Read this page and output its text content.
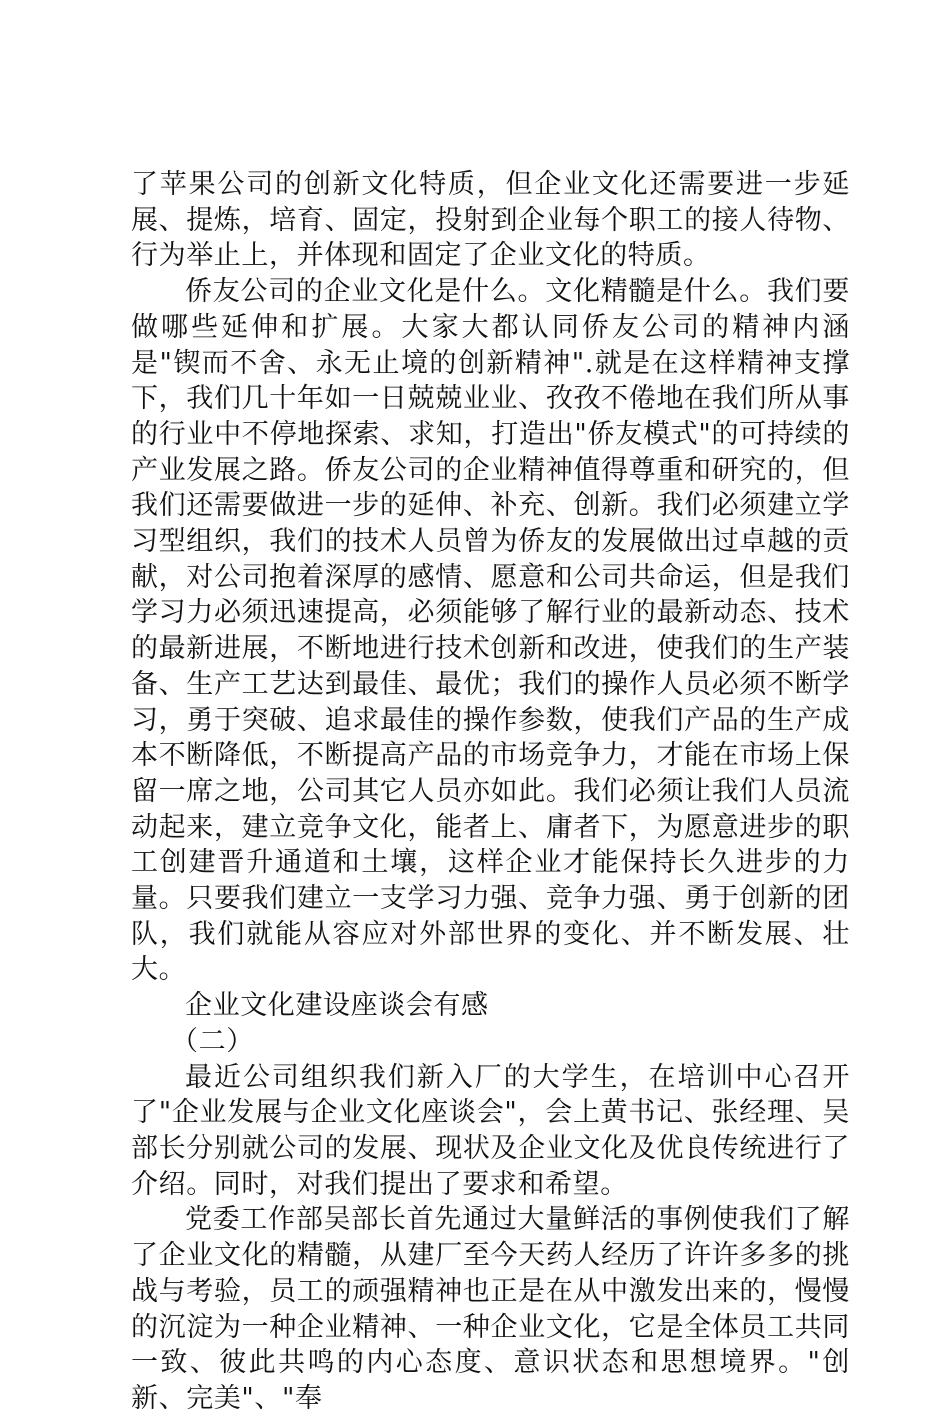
了苹果公司的创新文化特质，但企业文化还需要进一步延展、提炼，培育、固定，投射到企业每个职工的接人待物、行为举止上，并体现和固定了企业文化的特质。

侨友公司的企业文化是什么。文化精髓是什么。我们要做哪些延伸和扩展。大家大都认同侨友公司的精神内涵是"锲而不舍、永无止境的创新精神".就是在这样精神支撑下，我们几十年如一日兢兢业业、孜孜不倦地在我们所从事的行业中不停地探索、求知，打造出"侨友模式"的可持续的产业发展之路。侨友公司的企业精神值得尊重和研究的，但我们还需要做进一步的延伸、补充、创新。我们必须建立学习型组织，我们的技术人员曾为侨友的发展做出过卓越的贡献，对公司抱着深厚的感情、愿意和公司共命运，但是我们学习力必须迅速提高，必须能够了解行业的最新动态、技术的最新进展，不断地进行技术创新和改进，使我们的生产装备、生产工艺达到最佳、最优；我们的操作人员必须不断学习，勇于突破、追求最佳的操作参数，使我们产品的生产成本不断降低，不断提高产品的市场竞争力，才能在市场上保留一席之地，公司其它人员亦如此。我们必须让我们人员流动起来，建立竞争文化，能者上、庸者下，为愿意进步的职工创建晋升通道和土壤，这样企业才能保持长久进步的力量。只要我们建立一支学习力强、竞争力强、勇于创新的团队，我们就能从容应对外部世界的变化、并不断发展、壮大。

企业文化建设座谈会有感

（二）

最近公司组织我们新入厂的大学生，在培训中心召开了"企业发展与企业文化座谈会"，会上黄书记、张经理、吴部长分别就公司的发展、现状及企业文化及优良传统进行了介绍。同时，对我们提出了要求和希望。

党委工作部吴部长首先通过大量鲜活的事例使我们了解了企业文化的精髓，从建厂至今天药人经历了许许多多的挑战与考验，员工的顽强精神也正是在从中激发出来的，慢慢的沉淀为一种企业精神、一种企业文化，它是全体员工共同一致、彼此共鸣的内心态度、意识状态和思想境界。"创新、完美"、"奉
